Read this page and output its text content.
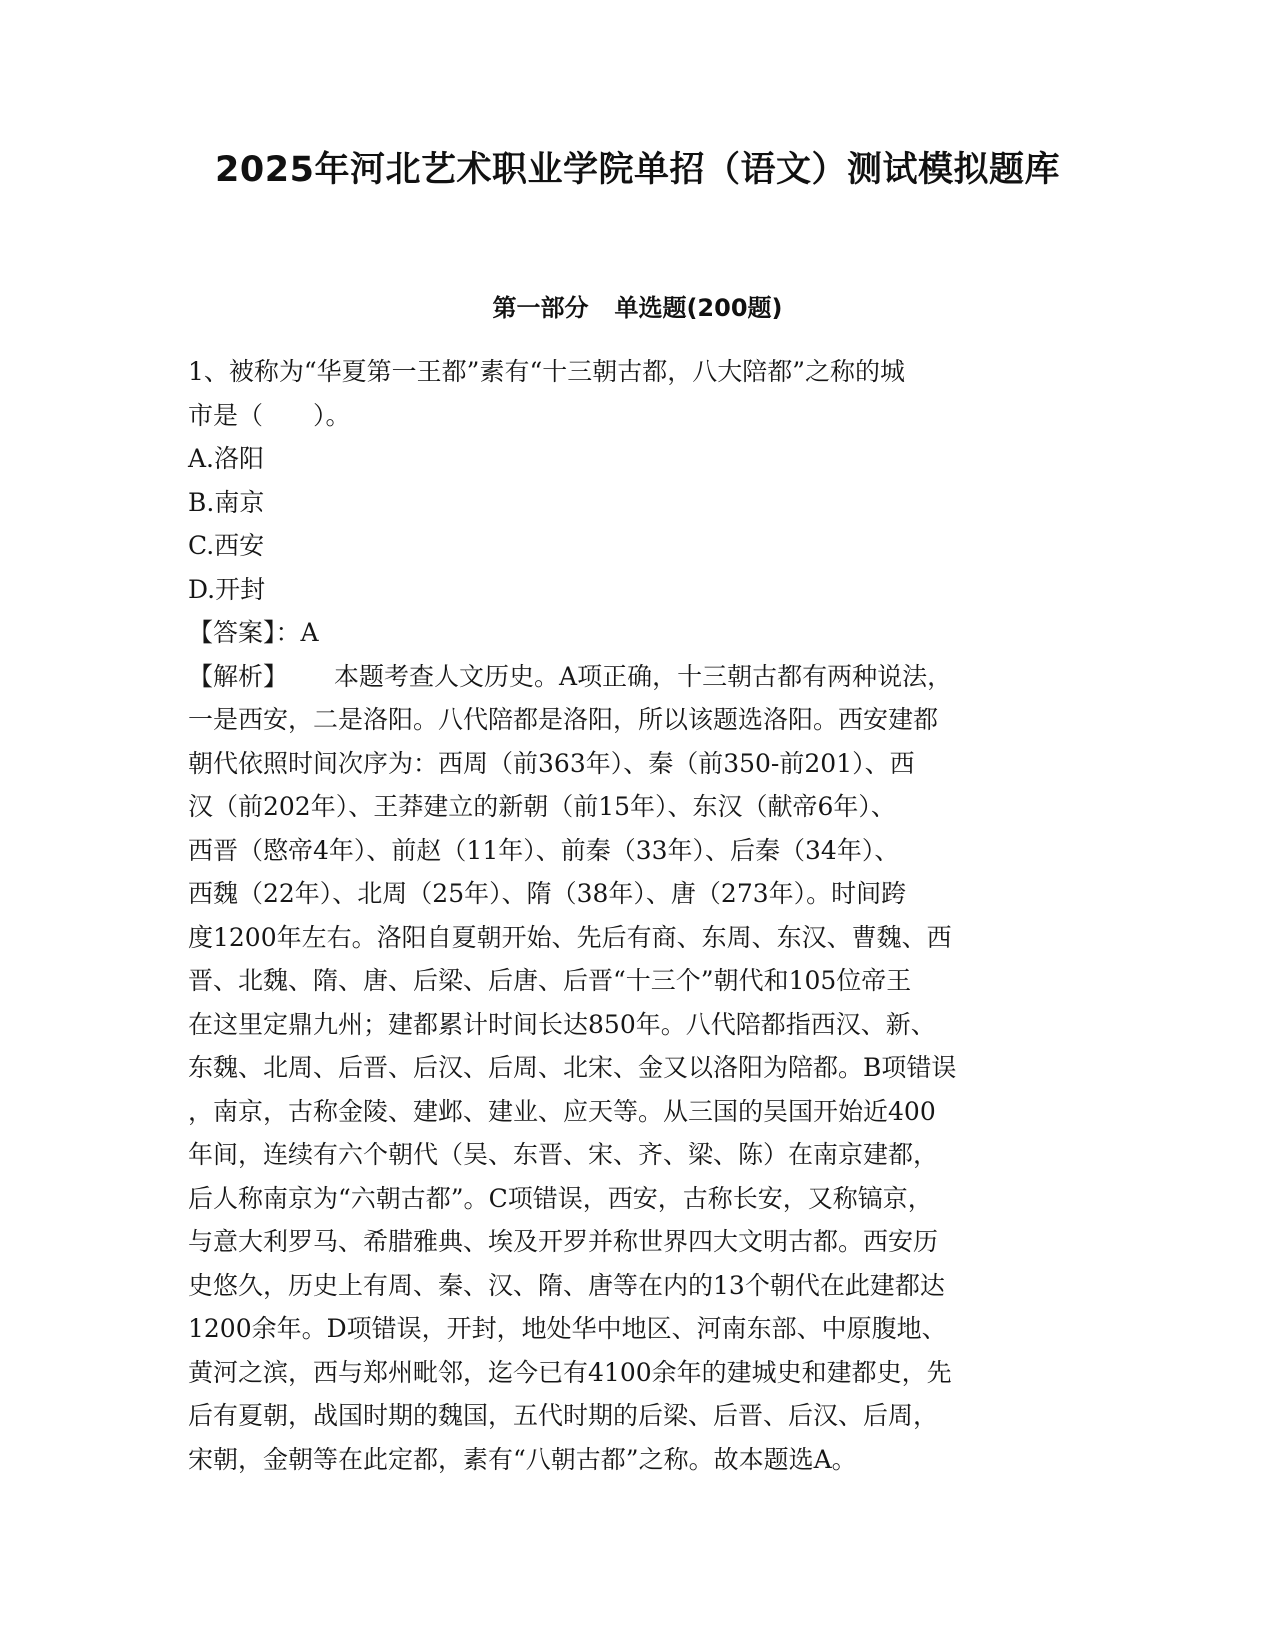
2025年河北艺术职业学院单招（语文）测试模拟题库
第一部分 单选题(200题)
1、被称为“华夏第一王都”素有“十三朝古都，八大陪都”之称的城
市是（　　）。
A.洛阳
B.南京
C.西安
D.开封
【答案】：A
【解析】 本题考查人文历史。A项正确，十三朝古都有两种说法，
一是西安，二是洛阳。八代陪都是洛阳，所以该题选洛阳。西安建都
朝代依照时间次序为：西周（前363年）、秦（前350-前201）、西
汉（前202年）、王莽建立的新朝（前15年）、东汉（献帝6年）、
西晋（愍帝4年）、前赵（11年）、前秦（33年）、后秦（34年）、
西魏（22年）、北周（25年）、隋（38年）、唐（273年）。时间跨
度1200年左右。洛阳自夏朝开始、先后有商、东周、东汉、曹魏、西
晋、北魏、隋、唐、后梁、后唐、后晋“十三个”朝代和105位帝王
在这里定鼎九州；建都累计时间长达850年。八代陪都指西汉、新、
东魏、北周、后晋、后汉、后周、北宋、金又以洛阳为陪都。B项错误
，南京，古称金陵、建邺、建业、应天等。从三国的吴国开始近400
年间，连续有六个朝代（吴、东晋、宋、齐、梁、陈）在南京建都，
后人称南京为“六朝古都”。C项错误，西安，古称长安，又称镐京，
与意大利罗马、希腊雅典、埃及开罗并称世界四大文明古都。西安历
史悠久，历史上有周、秦、汉、隋、唐等在内的13个朝代在此建都达
1200余年。D项错误，开封，地处华中地区、河南东部、中原腹地、
黄河之滨，西与郑州毗邻，迄今已有4100余年的建城史和建都史，先
后有夏朝，战国时期的魏国，五代时期的后梁、后晋、后汉、后周，
宋朝，金朝等在此定都，素有“八朝古都”之称。故本题选A。
